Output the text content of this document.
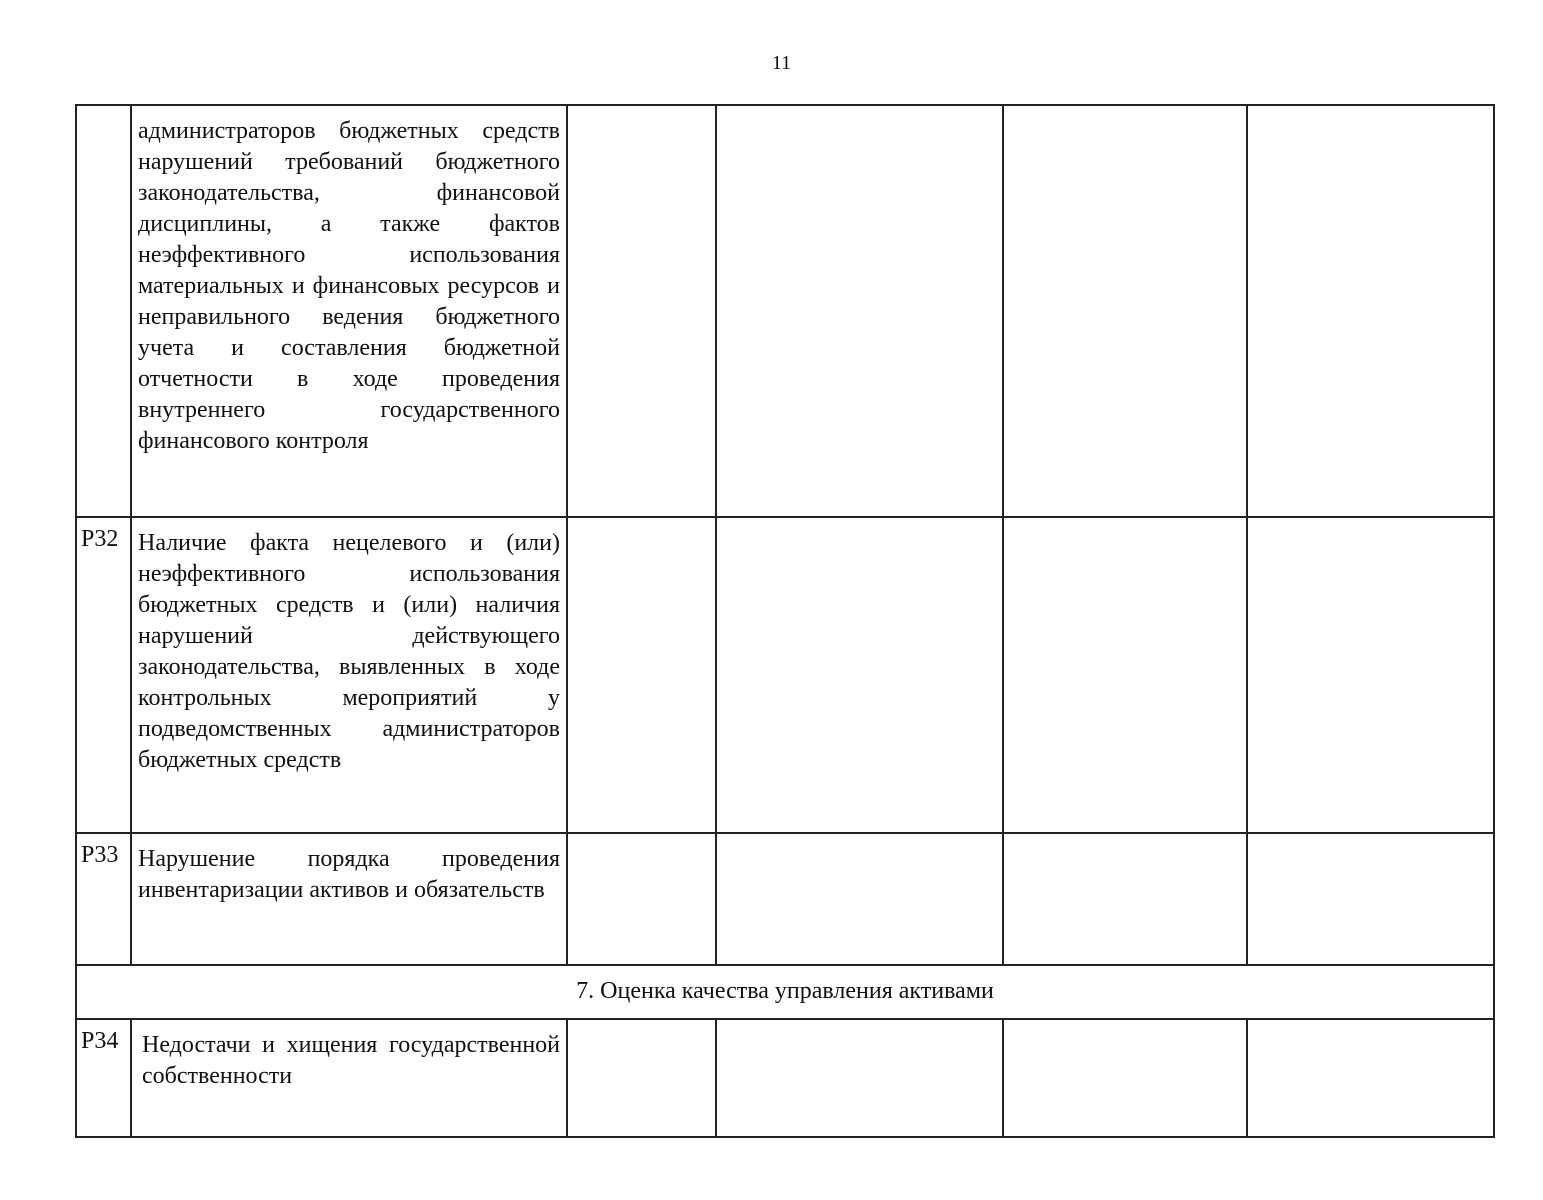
11

	администраторов бюджетных средств нарушений требований бюджетного законодательства, финансовой дисциплины, а также фактов неэффективного использования материальных и финансовых ресурсов и неправильного ведения бюджетного учета и составления бюджетной отчетности в ходе проведения внутреннего государственного финансового контроля				

Р32	Наличие факта нецелевого и (или) неэффективного использования бюджетных средств и (или) наличия нарушений действующего законодательства, выявленных в ходе контрольных мероприятий у подведомственных администраторов бюджетных средств				

Р33	Нарушение порядка проведения инвентаризации активов и обязательств				

7. Оценка качества управления активами					
Р34	Недостачи и хищения государственной собственности				
